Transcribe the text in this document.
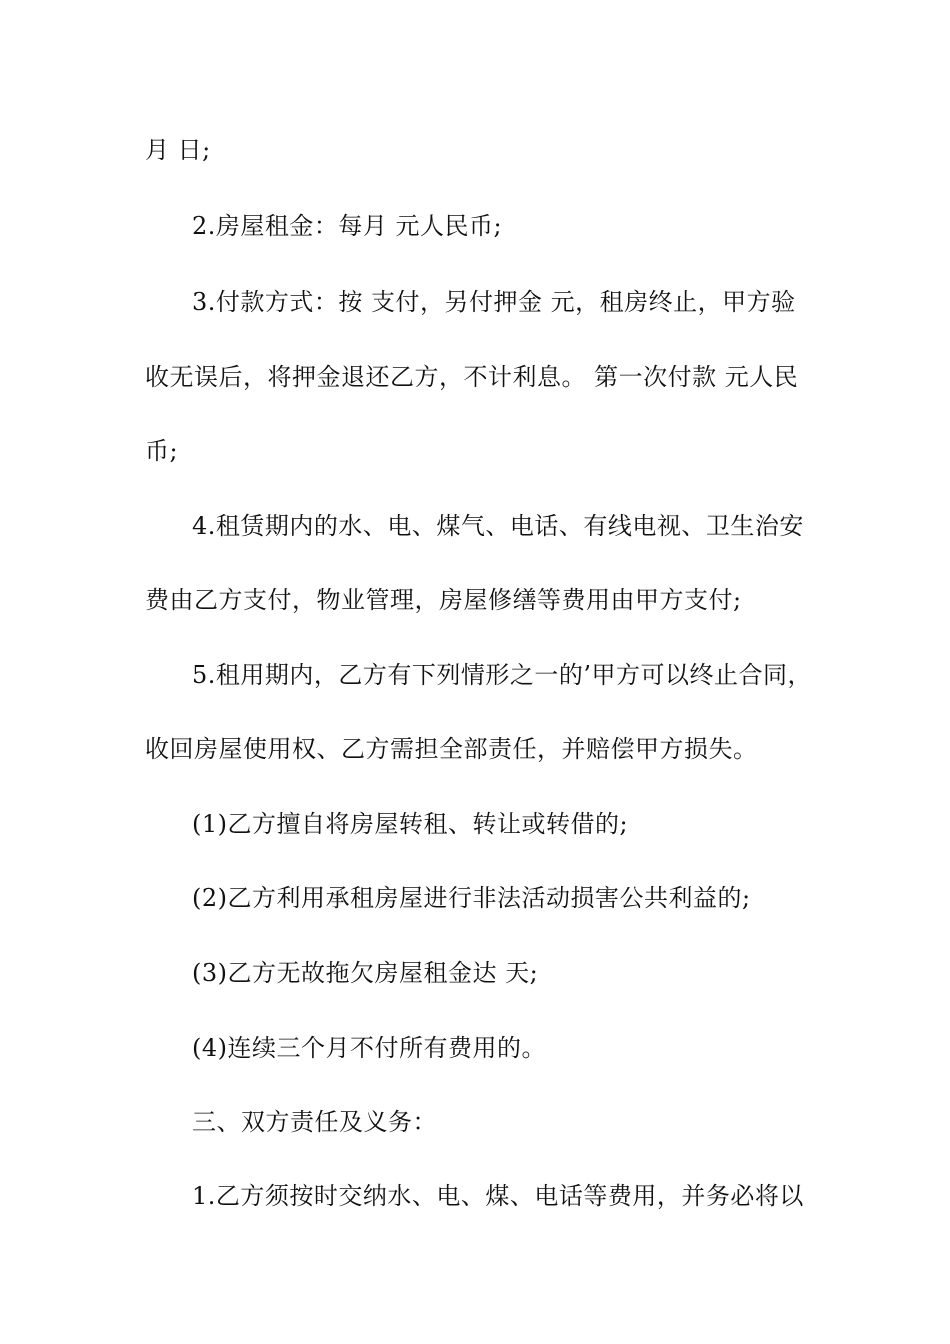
月 日;
2.房屋租金：每月 元人民币;
3.付款方式：按 支付，另付押金 元，租房终止，甲方验
收无误后，将押金退还乙方，不计利息。 第一次付款 元人民
币;
4.租赁期内的水、电、煤气、电话、有线电视、卫生治安
费由乙方支付，物业管理，房屋修缮等费用由甲方支付;
5.租用期内，乙方有下列情形之一的’甲方可以终止合同，
收回房屋使用权、乙方需担全部责任，并赔偿甲方损失。
(1)乙方擅自将房屋转租、转让或转借的;
(2)乙方利用承租房屋进行非法活动损害公共利益的;
(3)乙方无故拖欠房屋租金达 天;
(4)连续三个月不付所有费用的。
三、双方责任及义务：
1.乙方须按时交纳水、电、煤、电话等费用，并务必将以
